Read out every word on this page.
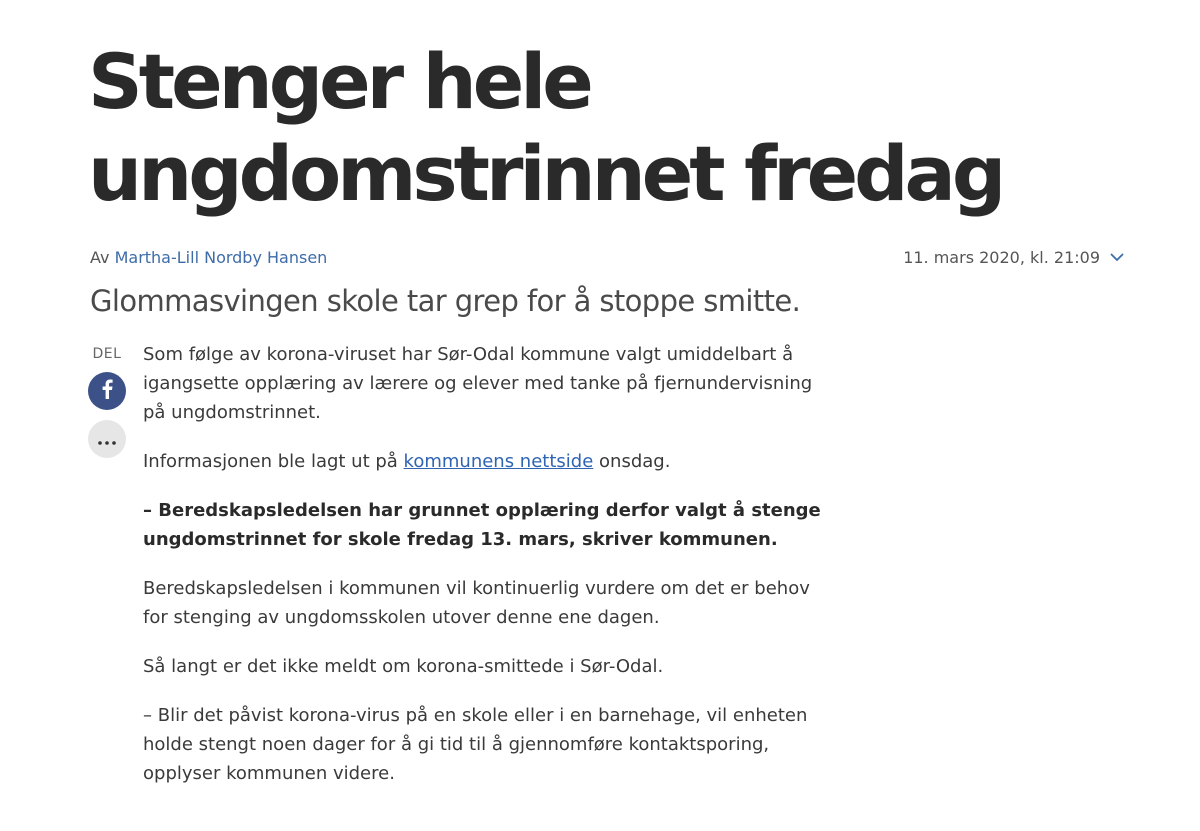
Stenger hele ungdomstrinnet fredag
Av Martha-Lill Nordby Hansen	11. mars 2020, kl. 21:09
Glommasvingen skole tar grep for å stoppe smitte.
DEL Som følge av korona-viruset har Sør-Odal kommune valgt umiddelbart å igangsette opplæring av lærere og elever med tanke på fjernundervisning på ungdomstrinnet.

Informasjonen ble lagt ut på kommunens nettside onsdag.

– Beredskapsledelsen har grunnet opplæring derfor valgt å stenge ungdomstrinnet for skole fredag 13. mars, skriver kommunen.

Beredskapsledelsen i kommunen vil kontinuerlig vurdere om det er behov for stenging av ungdomsskolen utover denne ene dagen.

Så langt er det ikke meldt om korona-smittede i Sør-Odal.

– Blir det påvist korona-virus på en skole eller i en barnehage, vil enheten holde stengt noen dager for å gi tid til å gjennomføre kontaktsporing, opplyser kommunen videre.
